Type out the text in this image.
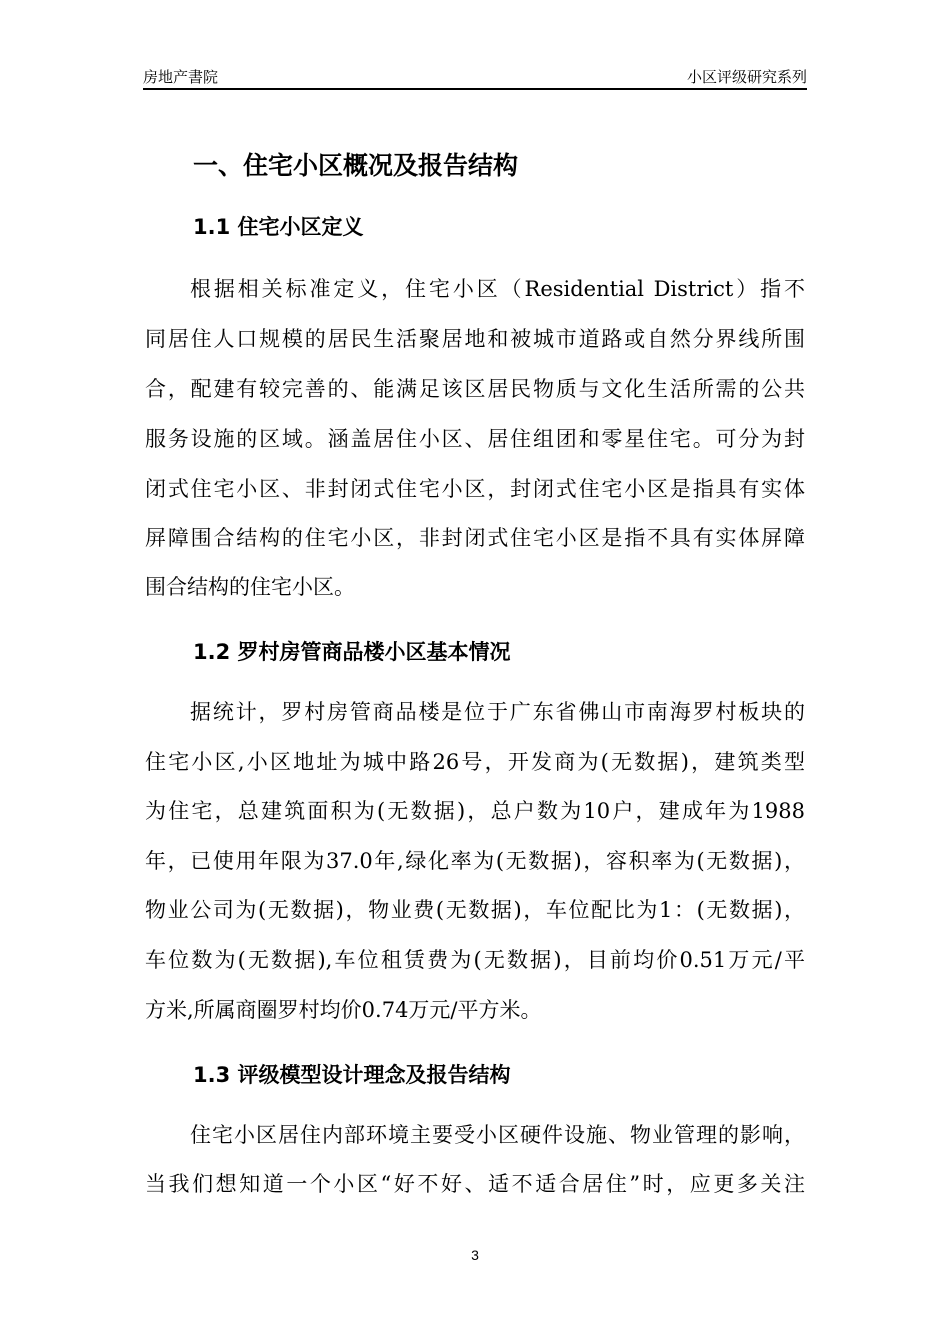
房地产書院	小区评级研究系列
一、住宅小区概况及报告结构
1.1 住宅小区定义
根据相关标准定义，住宅小区（Residential District）指不
同居住人口规模的居民生活聚居地和被城市道路或自然分界线所围
合，配建有较完善的、能满足该区居民物质与文化生活所需的公共
服务设施的区域。涵盖居住小区、居住组团和零星住宅。可分为封
闭式住宅小区、非封闭式住宅小区，封闭式住宅小区是指具有实体
屏障围合结构的住宅小区，非封闭式住宅小区是指不具有实体屏障
围合结构的住宅小区。
1.2 罗村房管商品楼小区基本情况
据统计，罗村房管商品楼是位于广东省佛山市南海罗村板块的
住宅小区,小区地址为城中路26号，开发商为(无数据)，建筑类型
为住宅，总建筑面积为(无数据)，总户数为10户，建成年为1988
年，已使用年限为37.0年,绿化率为(无数据)，容积率为(无数据)，
物业公司为(无数据)，物业费(无数据)，车位配比为1：(无数据)，
车位数为(无数据),车位租赁费为(无数据)，目前均价0.51万元/平
方米,所属商圈罗村均价0.74万元/平方米。
1.3 评级模型设计理念及报告结构
住宅小区居住内部环境主要受小区硬件设施、物业管理的影响，
当我们想知道一个小区“好不好、适不适合居住”时，应更多关注
3
